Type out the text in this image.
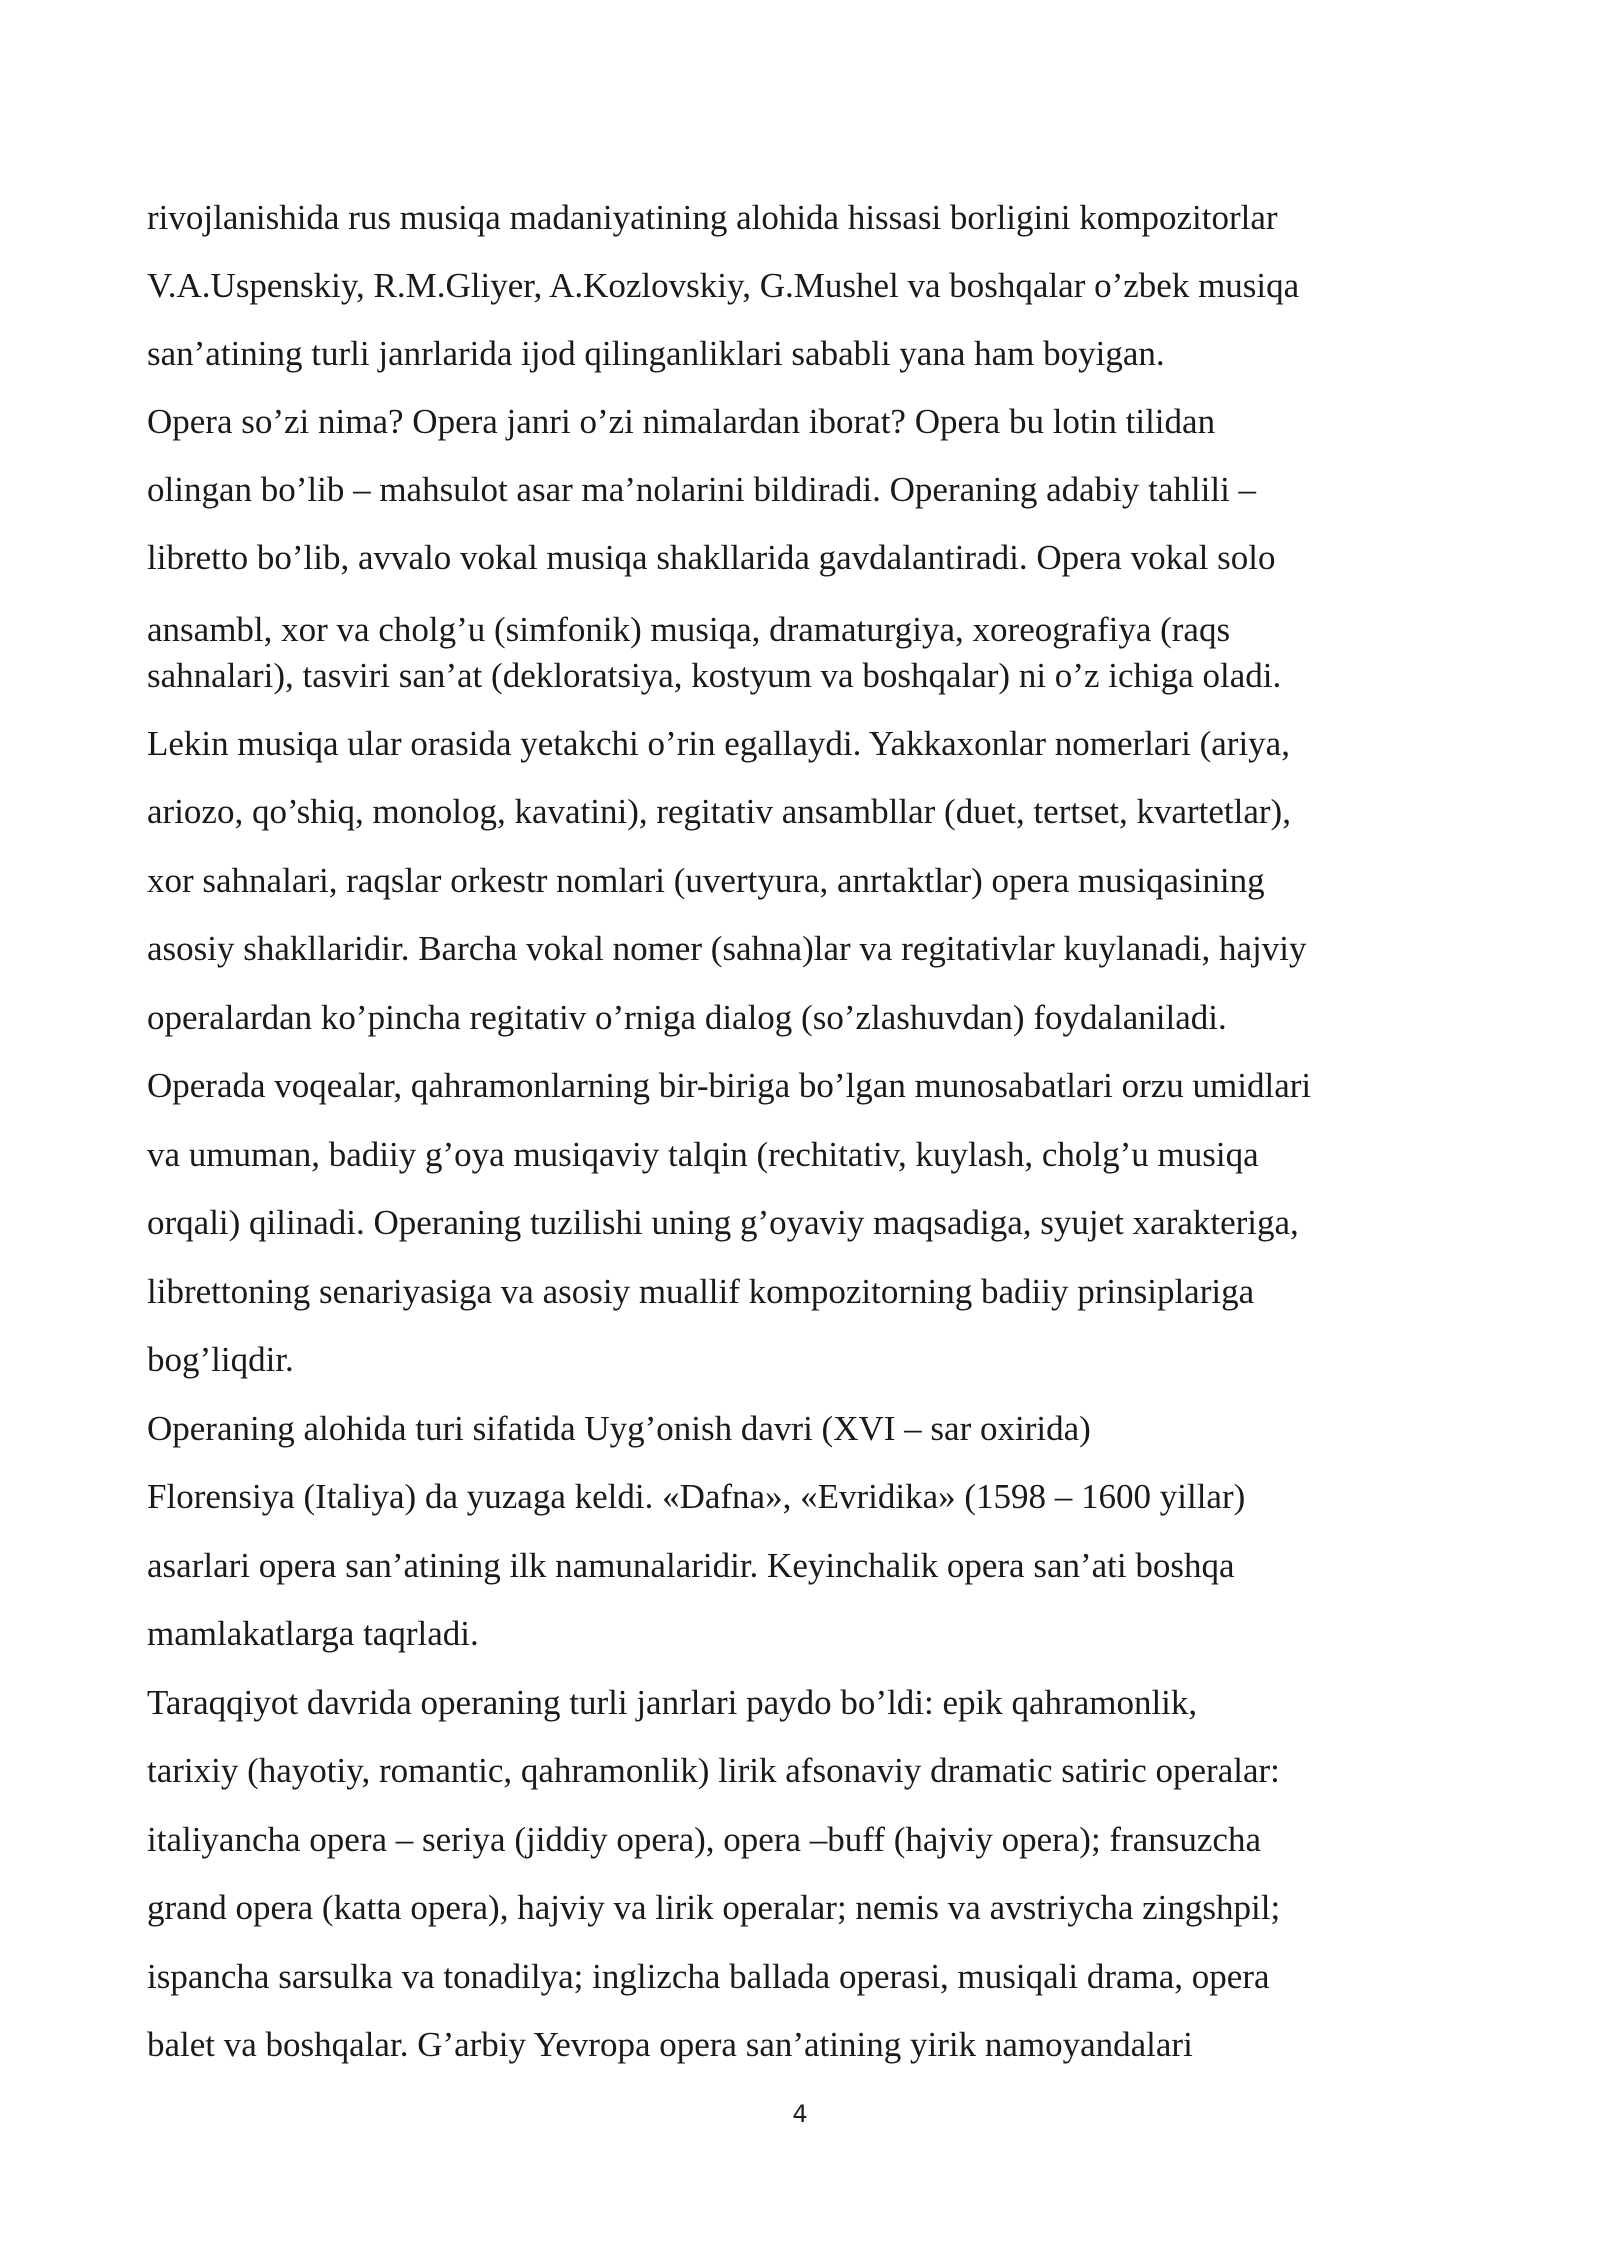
rivojlanishida rus musiqa madaniyatining alohida hissasi borligini kompozitorlar
V.A.Uspenskiy, R.M.Gliyer, A.Kozlovskiy, G.Mushel va boshqalar o’zbek musiqa
san’atining turli janrlarida ijod qilinganliklari sababli yana ham boyigan.
Opera so’zi nima? Opera janri o’zi nimalardan iborat? Opera bu lotin tilidan
olingan bo’lib – mahsulot asar ma’nolarini bildiradi. Operaning adabiy tahlili –
libretto bo’lib, avvalo vokal musiqa shakllarida gavdalantiradi. Opera vokal solo
ansambl, xor va cholg’u (simfonik) musiqa, dramaturgiya, xoreografiya (raqs
sahnalari), tasviri san’at (dekloratsiya, kostyum va boshqalar) ni o’z ichiga oladi.
Lekin musiqa ular orasida yetakchi o’rin egallaydi. Yakkaxonlar nomerlari (ariya,
ariozo, qo’shiq, monolog, kavatini), regitativ ansambllar (duet, tertset, kvartetlar),
xor sahnalari, raqslar orkestr nomlari (uvertyura, anrtaktlar) opera musiqasining
asosiy shakllaridir. Barcha vokal nomer (sahna)lar va regitativlar kuylanadi, hajviy
operalardan ko’pincha regitativ o’rniga dialog (so’zlashuvdan) foydalaniladi.
Operada voqealar, qahramonlarning bir-biriga bo’lgan munosabatlari orzu umidlari
va umuman, badiiy g’oya musiqaviy talqin (rechitativ, kuylash, cholg’u musiqa
orqali) qilinadi. Operaning tuzilishi uning g’oyaviy maqsadiga, syujet xarakteriga,
librettoning senariyasiga va asosiy muallif kompozitorning badiiy prinsiplariga
bog’liqdir.
Operaning alohida turi sifatida Uyg’onish davri (XVI – sar oxirida)
Florensiya (Italiya) da yuzaga keldi. «Dafna», «Evridika» (1598 – 1600 yillar)
asarlari opera san’atining ilk namunalaridir. Keyinchalik opera san’ati boshqa
mamlakatlarga taqrladi.
Taraqqiyot davrida operaning turli janrlari paydo bo’ldi: epik qahramonlik,
tarixiy (hayotiy, romantic, qahramonlik) lirik afsonaviy dramatic satiric operalar:
italiyancha opera – seriya (jiddiy opera), opera –buff (hajviy opera); fransuzcha
grand opera (katta opera), hajviy va lirik operalar; nemis va avstriycha zingshpil;
ispancha sarsulka va tonadilya; inglizcha ballada operasi, musiqali drama, opera
balet va boshqalar. G’arbiy Yevropa opera san’atining yirik namoyandalari
4
